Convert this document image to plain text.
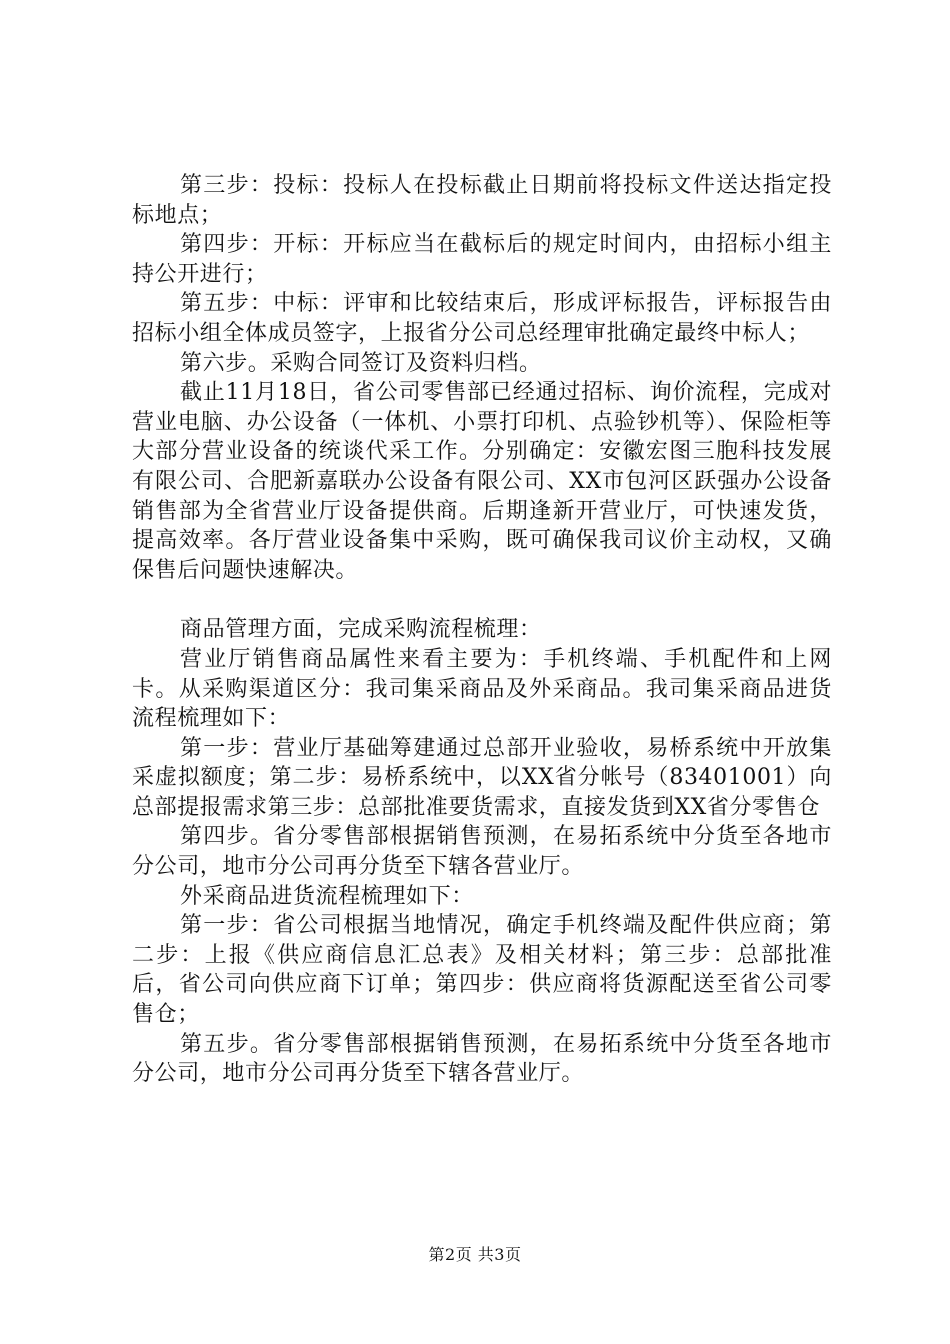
第三步：投标：投标人在投标截止日期前将投标文件送达指定投标地点；

第四步：开标：开标应当在截标后的规定时间内，由招标小组主持公开进行；

第五步：中标：评审和比较结束后，形成评标报告，评标报告由招标小组全体成员签字，上报省分公司总经理审批确定最终中标人；

第六步。采购合同签订及资料归档。

截止11月18日，省公司零售部已经通过招标、询价流程，完成对营业电脑、办公设备（一体机、小票打印机、点验钞机等）、保险柜等大部分营业设备的统谈代采工作。分别确定：安徽宏图三胞科技发展有限公司、合肥新嘉联办公设备有限公司、XX市包河区跃强办公设备销售部为全省营业厅设备提供商。后期逢新开营业厅，可快速发货，提高效率。各厅营业设备集中采购，既可确保我司议价主动权，又确保售后问题快速解决。

商品管理方面，完成采购流程梳理：

营业厅销售商品属性来看主要为：手机终端、手机配件和上网卡。从采购渠道区分：我司集采商品及外采商品。我司集采商品进货流程梳理如下：

第一步：营业厅基础筹建通过总部开业验收，易桥系统中开放集采虚拟额度；第二步：易桥系统中，以XX省分帐号（83401001）向总部提报需求第三步：总部批准要货需求，直接发货到XX省分零售仓

第四步。省分零售部根据销售预测，在易拓系统中分货至各地市分公司，地市分公司再分货至下辖各营业厅。

外采商品进货流程梳理如下：

第一步：省公司根据当地情况，确定手机终端及配件供应商；第二步：上报《供应商信息汇总表》及相关材料；第三步：总部批准后，省公司向供应商下订单；第四步：供应商将货源配送至省公司零售仓；

第五步。省分零售部根据销售预测，在易拓系统中分货至各地市分公司，地市分公司再分货至下辖各营业厅。

第2页 共3页
